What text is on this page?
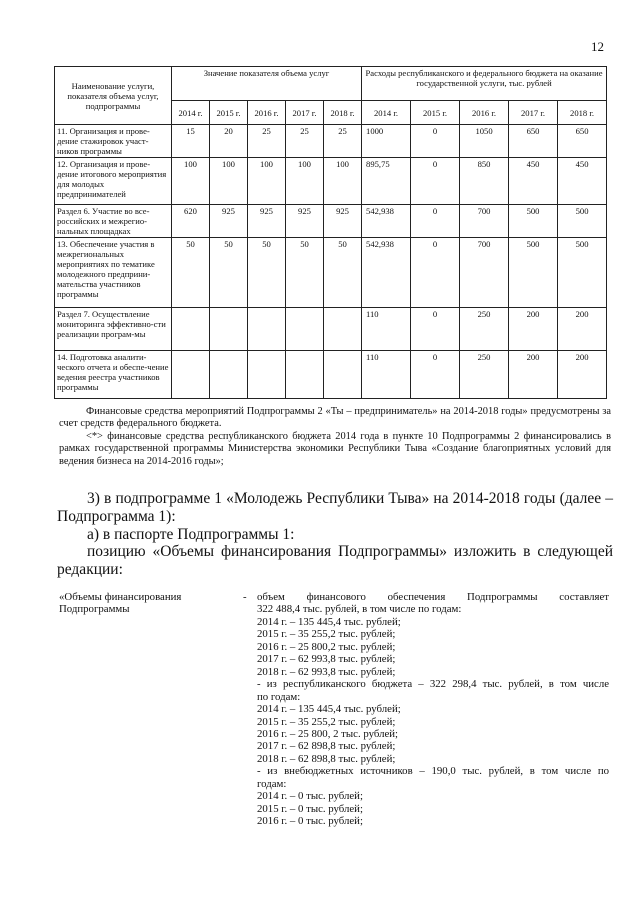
12
Наименование услуги, показателя объема услуг, подпрограммы	Значение показателя объема услуг					Расходы республиканского и федерального бюджета на оказание государственной услуги, тыс. рублей				
	2014 г.	2015 г.	2016 г.	2017 г.	2018 г.	2014 г.	2015 г.	2016 г.	2017 г.	2018 г.
11. Организация и прове-дение стажировок участ-ников программы	15	20	25	25	25	1000	0	1050	650	650
12. Организация и прове-дение итогового мероприятия для молодых предпринимателей	100	100	100	100	100	895,75	0	850	450	450
Раздел 6. Участие во все-российских и межрегио-нальных площадках	620	925	925	925	925	542,938	0	700	500	500
13. Обеспечение участия в межрегиональных мероприятиях по тематике молодежного предприни-мательства участников программы	50	50	50	50	50	542,938	0	700	500	500
Раздел 7. Осуществление мониторинга эффективно-сти реализации програм-мы						110	0	250	200	200
14. Подготовка аналити-ческого отчета и обеспе-чение ведения реестра участников программы						110	0	250	200	200

Финансовые средства мероприятий Подпрограммы 2 «Ты – предприниматель» на 2014-2018 годы» предусмотрены за счет средств федерального бюджета.

<*> финансовые средства республиканского бюджета 2014 года в пункте 10 Подпрограммы 2 финансировались в рамках государственной программы Министерства экономики Республики Тыва «Создание благоприятных условий для ведения бизнеса на 2014-2016 годы»;

3) в подпрограмме 1 «Молодежь Республики Тыва» на 2014-2018 годы (далее – Подпрограмма 1):

а) в паспорте Подпрограммы 1:

позицию «Объемы финансирования Подпрограммы» изложить в следующей редакции:

«Объемы финансирования Подпрограммы
- объем финансового обеспечения Подпрограммы составляет
322 488,4 тыс. рублей, в том числе по годам:
2014 г. – 135 445,4 тыс. рублей;
2015 г. – 35 255,2 тыс. рублей;
2016 г. – 25 800,2 тыс. рублей;
2017 г. – 62 993,8 тыс. рублей;
2018 г. – 62 993,8 тыс. рублей;
- из республиканского бюджета – 322 298,4 тыс. рублей, в том числе
по годам:
2014 г. – 135 445,4 тыс. рублей;
2015 г. – 35 255,2 тыс. рублей;
2016 г. – 25 800, 2 тыс. рублей;
2017 г. – 62 898,8 тыс. рублей;
2018 г. – 62 898,8 тыс. рублей;
- из внебюджетных источников – 190,0 тыс. рублей, в том числе по
годам:
2014 г. – 0 тыс. рублей;
2015 г. – 0 тыс. рублей;
2016 г. – 0 тыс. рублей;
